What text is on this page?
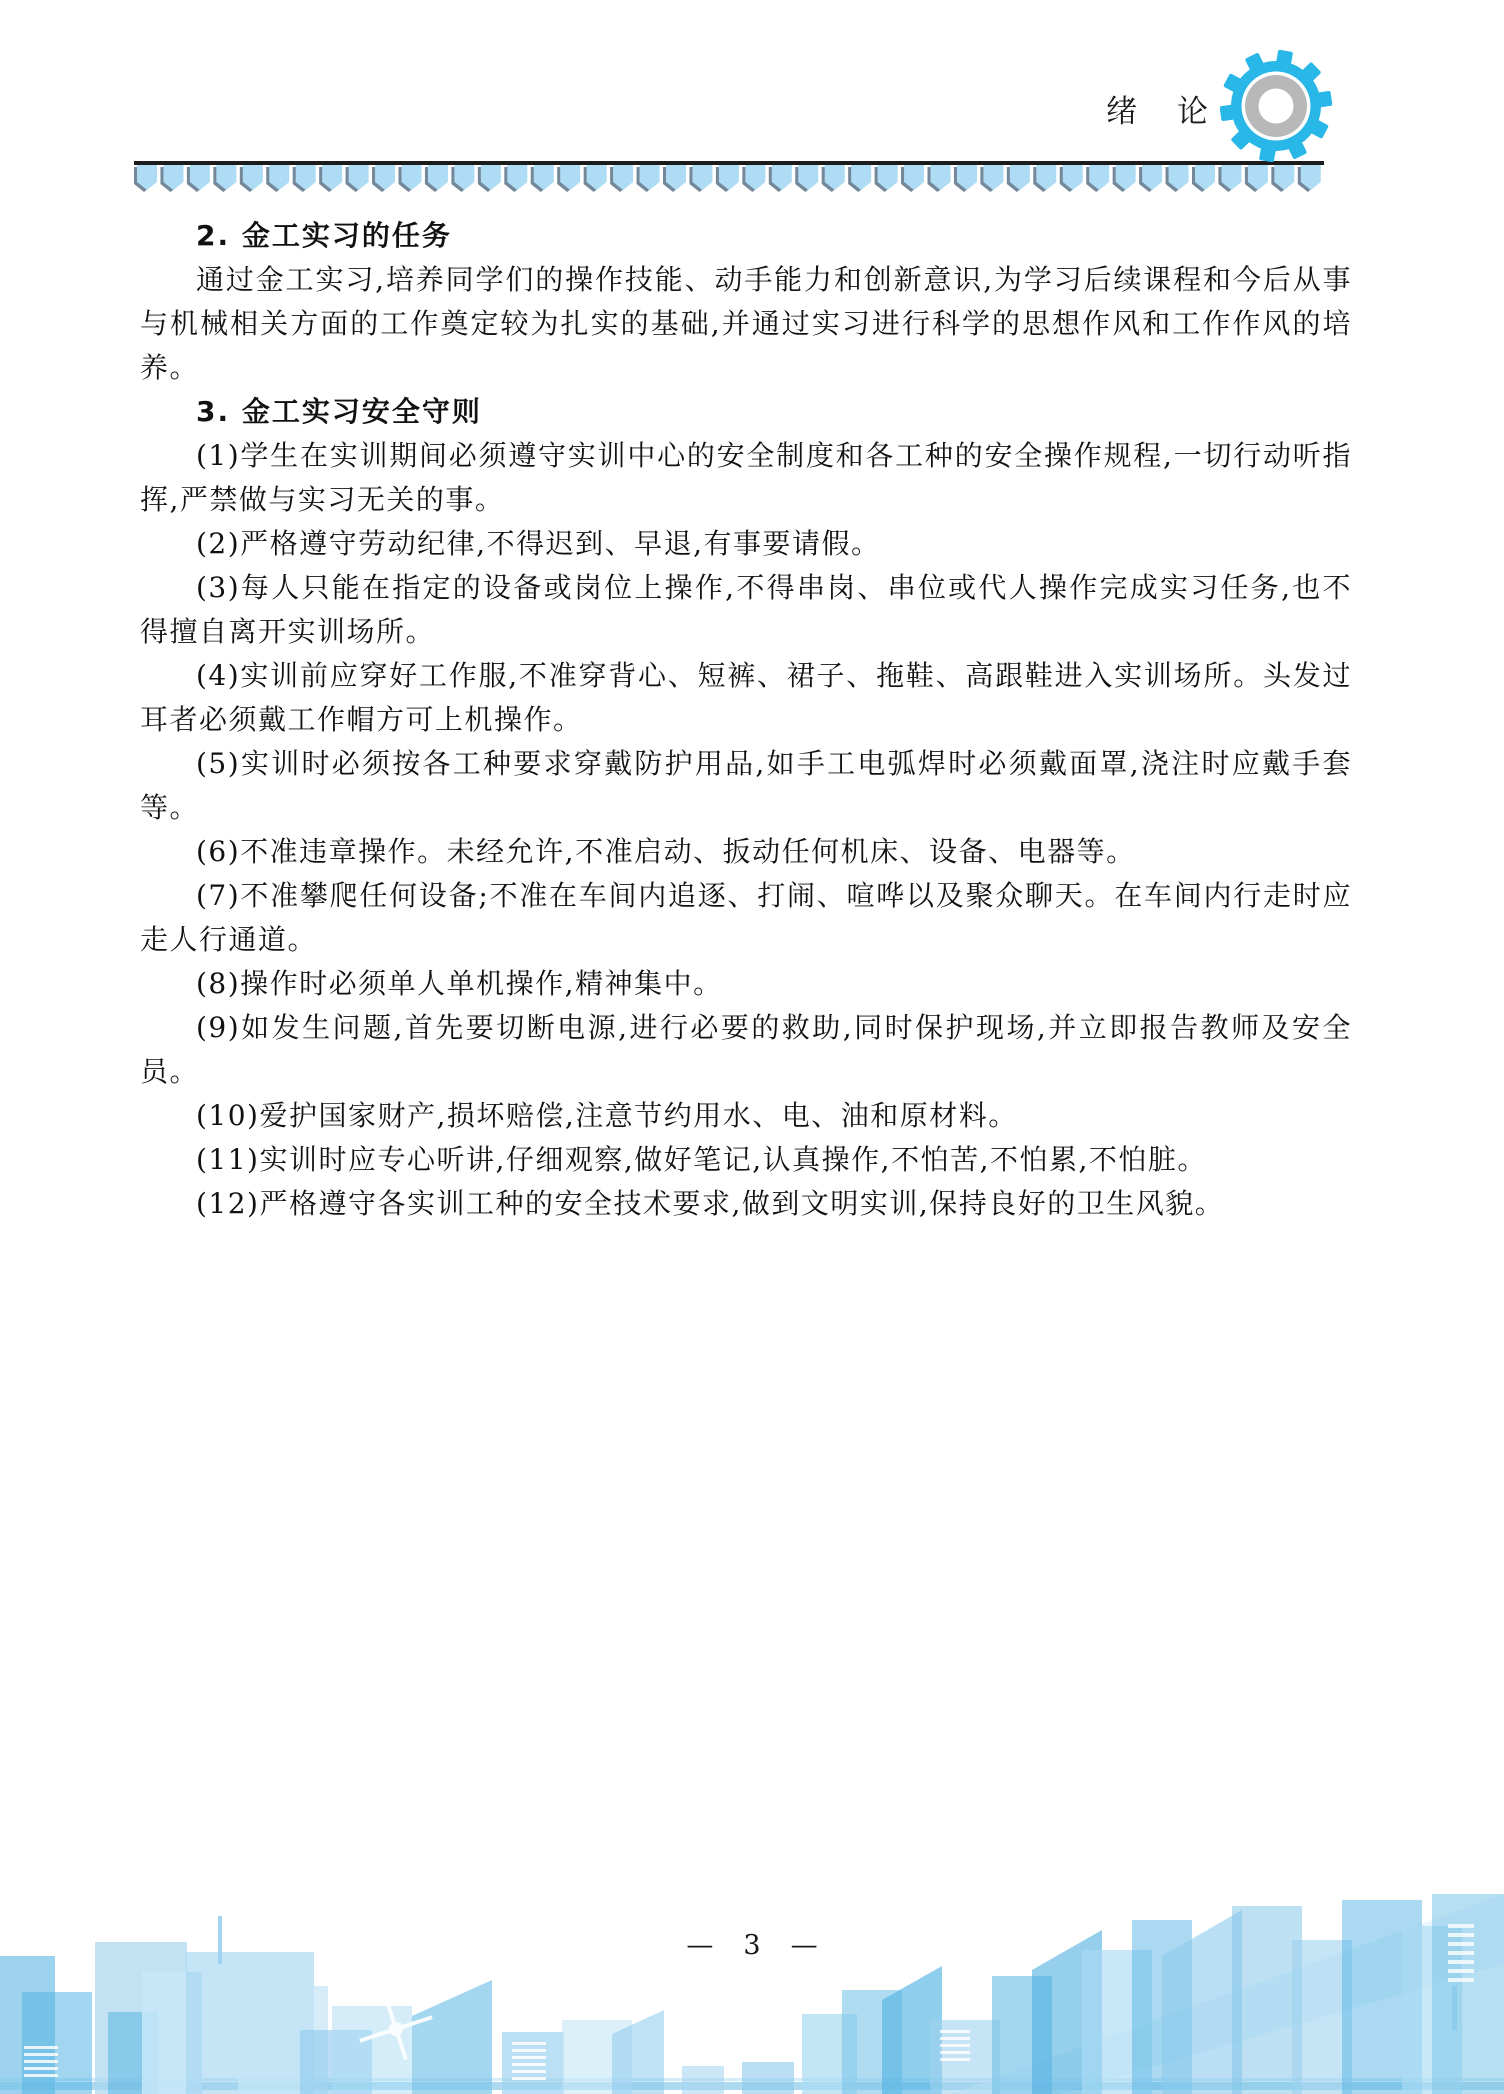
绪 论

2. 金工实习的任务

通过金工实习,培养同学们的操作技能、动手能力和创新意识,为学习后续课程和今后从事与机械相关方面的工作奠定较为扎实的基础,并通过实习进行科学的思想作风和工作作风的培养。

3. 金工实习安全守则

(1)学生在实训期间必须遵守实训中心的安全制度和各工种的安全操作规程,一切行动听指挥,严禁做与实习无关的事。

(2)严格遵守劳动纪律,不得迟到、早退,有事要请假。

(3)每人只能在指定的设备或岗位上操作,不得串岗、串位或代人操作完成实习任务,也不得擅自离开实训场所。

(4)实训前应穿好工作服,不准穿背心、短裤、裙子、拖鞋、高跟鞋进入实训场所。头发过耳者必须戴工作帽方可上机操作。

(5)实训时必须按各工种要求穿戴防护用品,如手工电弧焊时必须戴面罩,浇注时应戴手套等。

(6)不准违章操作。未经允许,不准启动、扳动任何机床、设备、电器等。

(7)不准攀爬任何设备;不准在车间内追逐、打闹、喧哗以及聚众聊天。在车间内行走时应走人行通道。

(8)操作时必须单人单机操作,精神集中。

(9)如发生问题,首先要切断电源,进行必要的救助,同时保护现场,并立即报告教师及安全员。

(10)爱护国家财产,损坏赔偿,注意节约用水、电、油和原材料。

(11)实训时应专心听讲,仔细观察,做好笔记,认真操作,不怕苦,不怕累,不怕脏。

(12)严格遵守各实训工种的安全技术要求,做到文明实训,保持良好的卫生风貌。

— 3 —
